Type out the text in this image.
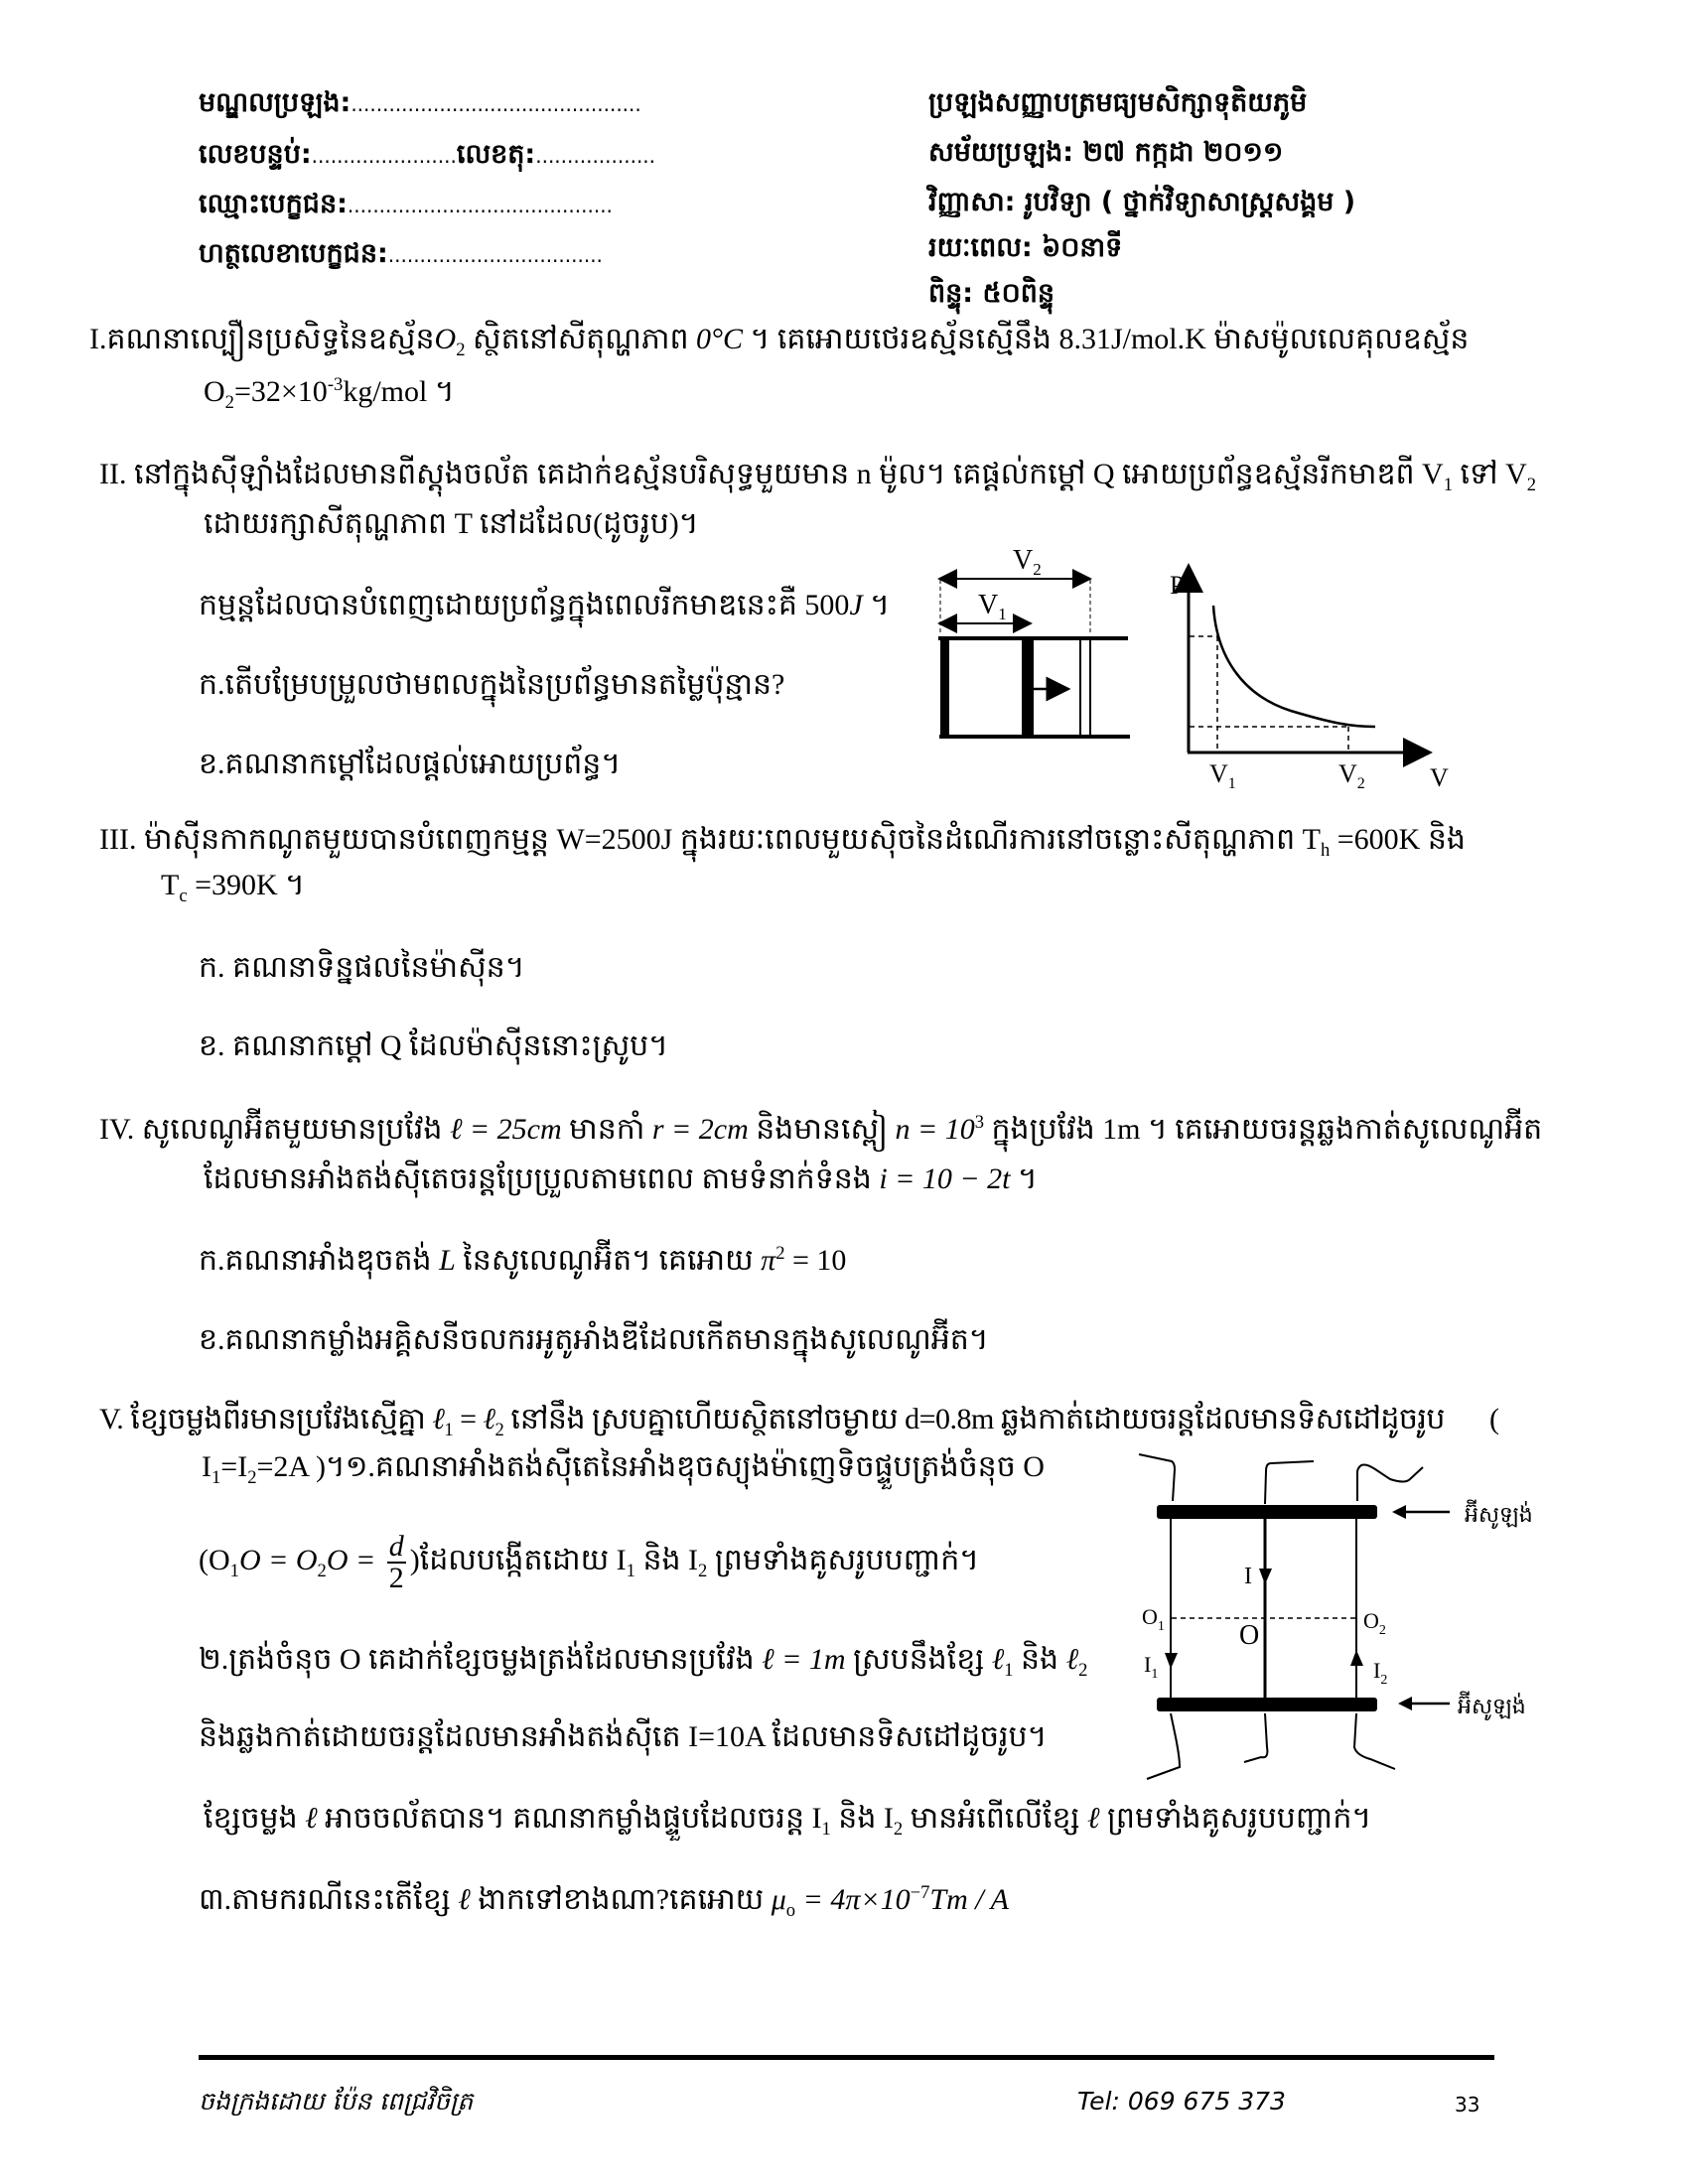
មណ្ឌលប្រឡង:..............................................
លេខបន្ទប់:.......................លេខតុ:...................
ឈ្មោះបេក្ខជន:..........................................
ហត្ថលេខាបេក្ខជន:..................................
ប្រឡងសញ្ញាបត្រមធ្យមសិក្សាទុតិយភូមិ
សម័យប្រឡង: ២៧ កក្កដា ២០១១
វិញ្ញាសា: រូបវិទ្យា ( ថ្នាក់វិទ្យាសាស្ត្រសង្គម )
រយៈពេល: ៦០នាទី
ពិន្ទុ: ៥០ពិន្ទុ
I.គណនាល្បឿនប្រសិទ្ធនៃឧស្ម័ន$O_2$ ស្ថិតនៅសីតុណ្ហភាព 0°C ។ គេអោយថេរឧស្ម័នស្មើនឹង 8.31J/mol.K ម៉ាសម៉ូលលេគុលឧស្ម័ន
$O_2=32\times 10^{-3}kg$/mol ។
II. នៅក្នុងស៊ីឡាំងដែលមានពីស្តុងចល័ត គេដាក់ឧស្ម័នបរិសុទ្ធមួយមាន n ម៉ូល។ គេផ្តល់កម្តៅ Q អោយប្រព័ន្ធឧស្ម័នរីកមាឌពី $V_1$ ទៅ $V_2$
ដោយរក្សាសីតុណ្ហភាព T នៅដដែល(ដូចរូប)។
កម្មន្តដែលបានបំពេញដោយប្រព័ន្ធក្នុងពេលរីកមាឌនេះគឺ 500J ។
ក.តើបម្រែបម្រួលថាមពលក្នុងនៃប្រព័ន្ធមានតម្លៃប៉ុន្មាន?
ខ.គណនាកម្តៅដែលផ្តល់អោយប្រព័ន្ធ។
$V_2$
$V_1$
P
V
$V_1$	$V_2$
III. ម៉ាស៊ីនកាកណូតមួយបានបំពេញកម្មន្ត W=2500J ក្នុងរយៈពេលមួយស៊ិចនៃដំណើរការនៅចន្លោះសីតុណ្ហភាព $T_h =600K$ និង
$T_c =390K$ ។
ក. គណនាទិន្នផលនៃម៉ាស៊ីន។
ខ. គណនាកម្តៅ Q ដែលម៉ាស៊ីននោះស្រូប។
IV. សូលេណូអ៊ីតមួយមានប្រវែង ℓ = 25cm មានកាំ r = 2cm និងមានស្ពៀ $n = 10^3$ ក្នុងប្រវែង 1m ។ គេអោយចរន្តឆ្លងកាត់សូលេណូអ៊ីត
ដែលមានអាំងតង់ស៊ីតេចរន្តប្រែប្រួលតាមពេល តាមទំនាក់ទំនង i = 10 − 2t ។
ក.គណនាអាំងឌុចតង់ L នៃសូលេណូអ៊ីត។ គេអោយ $\pi^2 = 10$
ខ.គណនាកម្លាំងអគ្គិសនីចលករអូតូអាំងឌីដែលកើតមានក្នុងសូលេណូអ៊ីត។
V. ខ្សែចម្លងពីរមានប្រវែងស្មើគ្នា ℓ$_1$ = ℓ$_2$ នៅនឹង ស្របគ្នាហើយស្ថិតនៅចម្ងាយ d=0.8m ឆ្លងកាត់ដោយចរន្តដែលមានទិសដៅដូចរូប (
$I_1=I_2=2A$ )។១.គណនាអាំងតង់ស៊ីតេនៃអាំងឌុចស្យុងម៉ាញេទិចផ្ទួបត្រង់ចំនុច O
($O_1O = O_2O = \frac{d}{2}$ )ដែលបង្កើតដោយ $I_1$ និង $I_2$ ព្រមទាំងគូសរូបបញ្ជាក់។
២.ត្រង់ចំនុច O គេដាក់ខ្សែចម្លងត្រង់ដែលមានប្រវែង ℓ = 1m ស្របនឹងខ្សែ ℓ$_1$ និង ℓ$_2$
និងឆ្លងកាត់ដោយចរន្តដែលមានអាំងតង់ស៊ីតេ I=10A ដែលមានទិសដៅដូចរូប។
ខ្សែចម្លង ℓ អាចចល័តបាន។ គណនាកម្លាំងផ្ទួបដែលចរន្ត $I_1$ និង $I_2$ មានអំពើលើខ្សែ ℓ ព្រមទាំងគូសរូបបញ្ជាក់។
៣.តាមករណីនេះតើខ្សែ ℓ ងាកទៅខាងណា?គេអោយ $\mu_o = 4\pi\times 10^{-7}Tm / A$
I
O
$O_1$	$O_2$
$I_1$	$I_2$
អ៊ីសូឡង់
អ៊ីសូឡង់
ចងក្រងដោយ ប៉ែន ពេជ្រវិចិត្រ	Tel: 069 675 373	33
